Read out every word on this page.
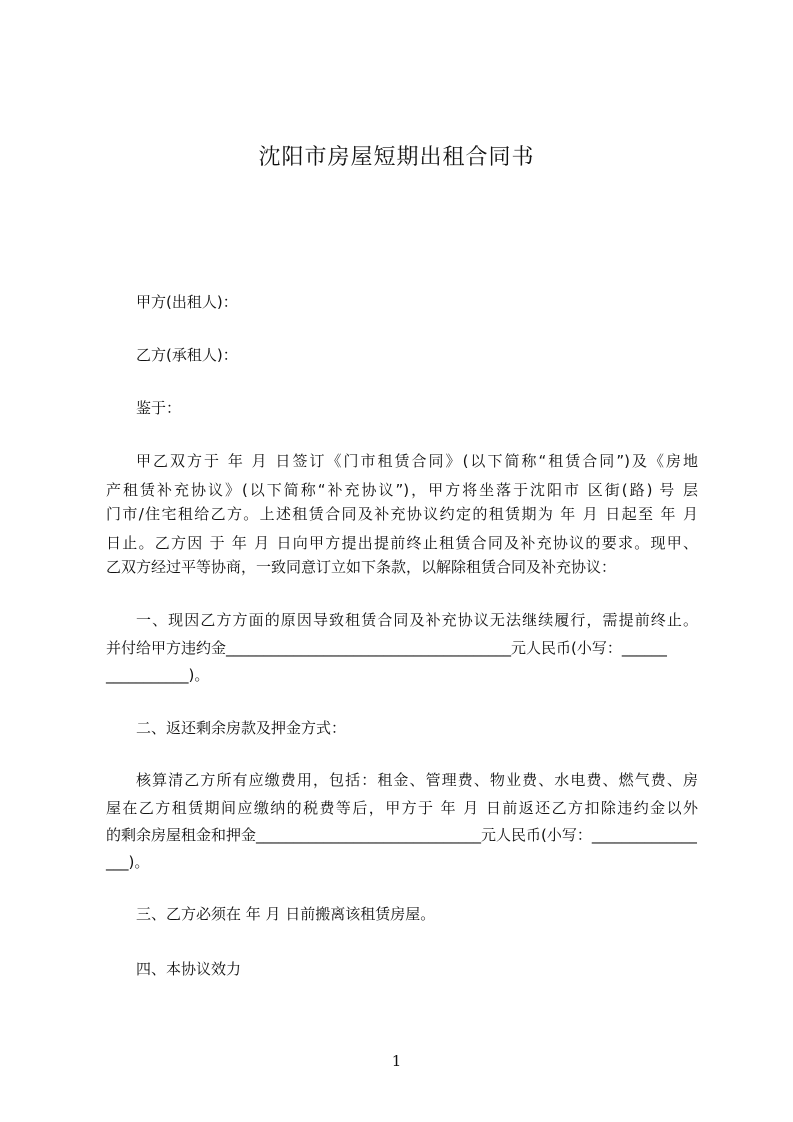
沈阳市房屋短期出租合同书
甲方(出租人)：
乙方(承租人)：
鉴于：
甲乙双方于 年 月 日签订《门市租赁合同》(以下简称“租赁合同”)及《房地
产租赁补充协议》(以下简称“补充协议”)，甲方将坐落于沈阳市 区街(路) 号 层
门市/住宅租给乙方。上述租赁合同及补充协议约定的租赁期为 年 月 日起至 年 月
日止。乙方因 于 年 月 日向甲方提出提前终止租赁合同及补充协议的要求。现甲、
乙双方经过平等协商，一致同意订立如下条款，以解除租赁合同及补充协议：
一、现因乙方方面的原因导致租赁合同及补充协议无法继续履行，需提前终止。
并付给甲方违约金______________________________________元人民币(小写：______
___________)。
二、返还剩余房款及押金方式：
核算清乙方所有应缴费用，包括：租金、管理费、物业费、水电费、燃气费、房
屋在乙方租赁期间应缴纳的税费等后，甲方于 年 月 日前返还乙方扣除违约金以外
的剩余房屋租金和押金______________________________元人民币(小写：______________
___)。
三、乙方必须在 年 月 日前搬离该租赁房屋。
四、本协议效力
1
